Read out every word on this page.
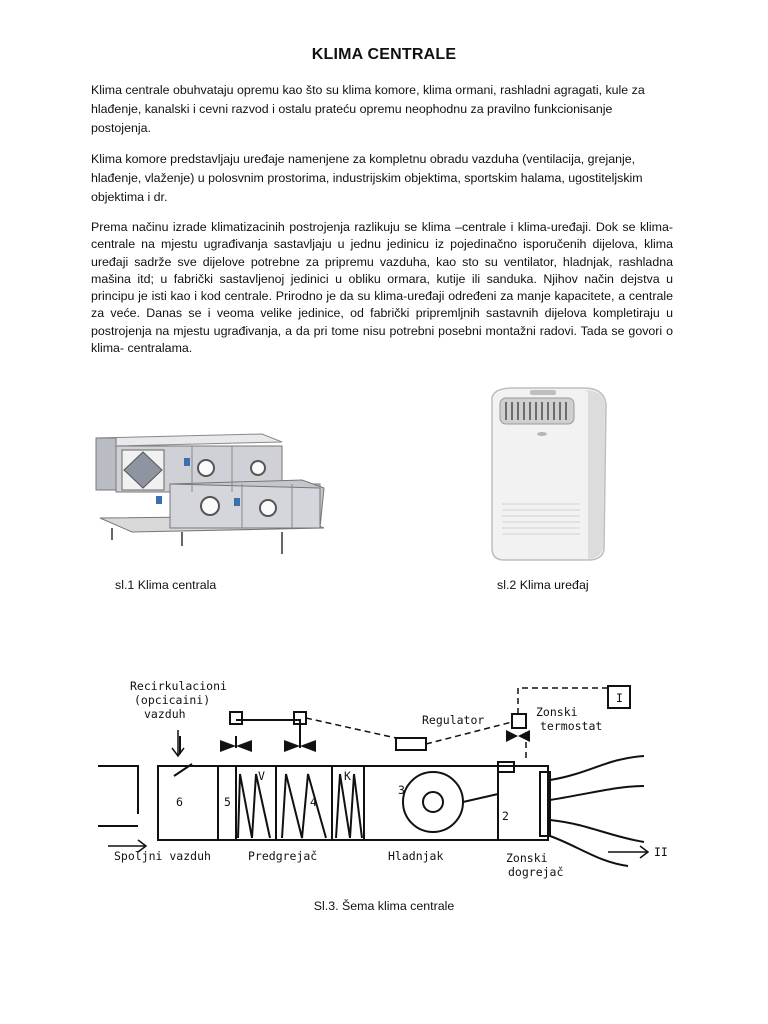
KLIMA CENTRALE
Klima centrale obuhvataju opremu kao što su klima komore, klima ormani, rashladni agragati, kule za hlađenje, kanalski i cevni razvod i ostalu prateću opremu neophodnu za pravilno funkcionisanje postojenja.
Klima komore predstavljaju uređaje namenjene za kompletnu obradu vazduha (ventilacija, grejanje, hlađenje, vlaženje) u polosvnim prostorima, industrijskim objektima, sportskim halama, ugostiteljskim objektima i dr.
Prema načinu izrade klimatizacinih postrojenja razlikuju se klima –centrale i klima-uređaji. Dok se klima- centrale na mjestu ugrađivanja sastavljaju u jednu jedinicu iz pojedinačno isporučenih dijelova, klima uređaji sadrže sve dijelove potrebne za pripremu vazduha, kao sto su ventilator, hladnjak, rashladna mašina itd; u fabrički sastavljenoj jedinici u obliku ormara, kutije ili sanduka. Njihov način dejstva u principu je isti kao i kod centrale. Prirodno je da su klima-uređaji određeni za manje kapacitete, a centrale za veće. Danas se i veoma velike jedinice, od fabrički pripremljnih sastavnih dijelova kompletiraju u postrojenja na mjestu ugrađivanja, a da pri tome nisu potrebni posebni montažni radovi. Tada se govori o klima- centralama.
sl.1 Klima centrala	sl.2 Klima uređaj
Recirkulacioni
(opcicaini)
vazduh	Regulator
Zonski
termostat
Spoljni vazduh	Predgrejač	Hladnjak	Zonski
dogrejač
6	5	4
3
2
V	K
I
II
Sl.3. Šema klima centrale
